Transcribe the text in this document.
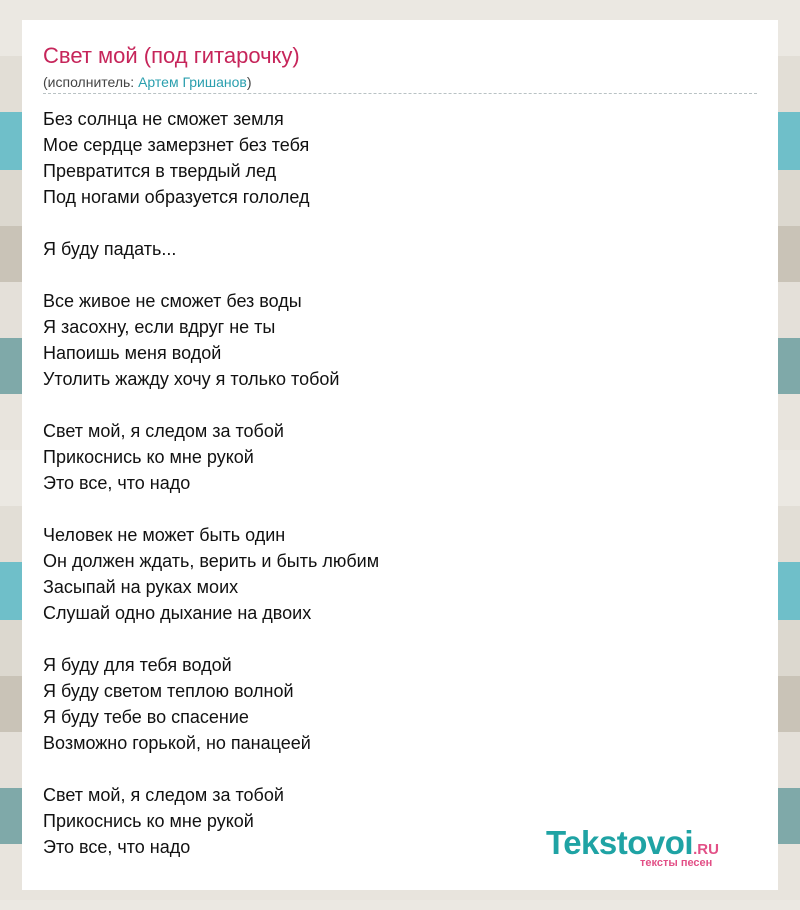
Свет мой (под гитарочку)
(исполнитель: Артем Гришанов)
Без солнца не сможет земля
Мое сердце замерзнет без тебя
Превратится в твердый лед
Под ногами образуется гололед
Я буду падать...
Все живое не сможет без воды
Я засохну, если вдруг не ты
Напоишь меня водой
Утолить жажду хочу я только тобой
Свет мой, я следом за тобой
Прикоснись ко мне рукой
Это все, что надо
Человек не может быть один
Он должен ждать, верить и быть любим
Засыпай на руках моих
Слушай одно дыхание на двоих
Я буду для тебя водой
Я буду светом теплою волной
Я буду тебе во спасение
Возможно горькой, но панацеей
Свет мой, я следом за тобой
Прикоснись ко мне рукой
Это все, что надо	Tekstovoi.RU
тексты песен
